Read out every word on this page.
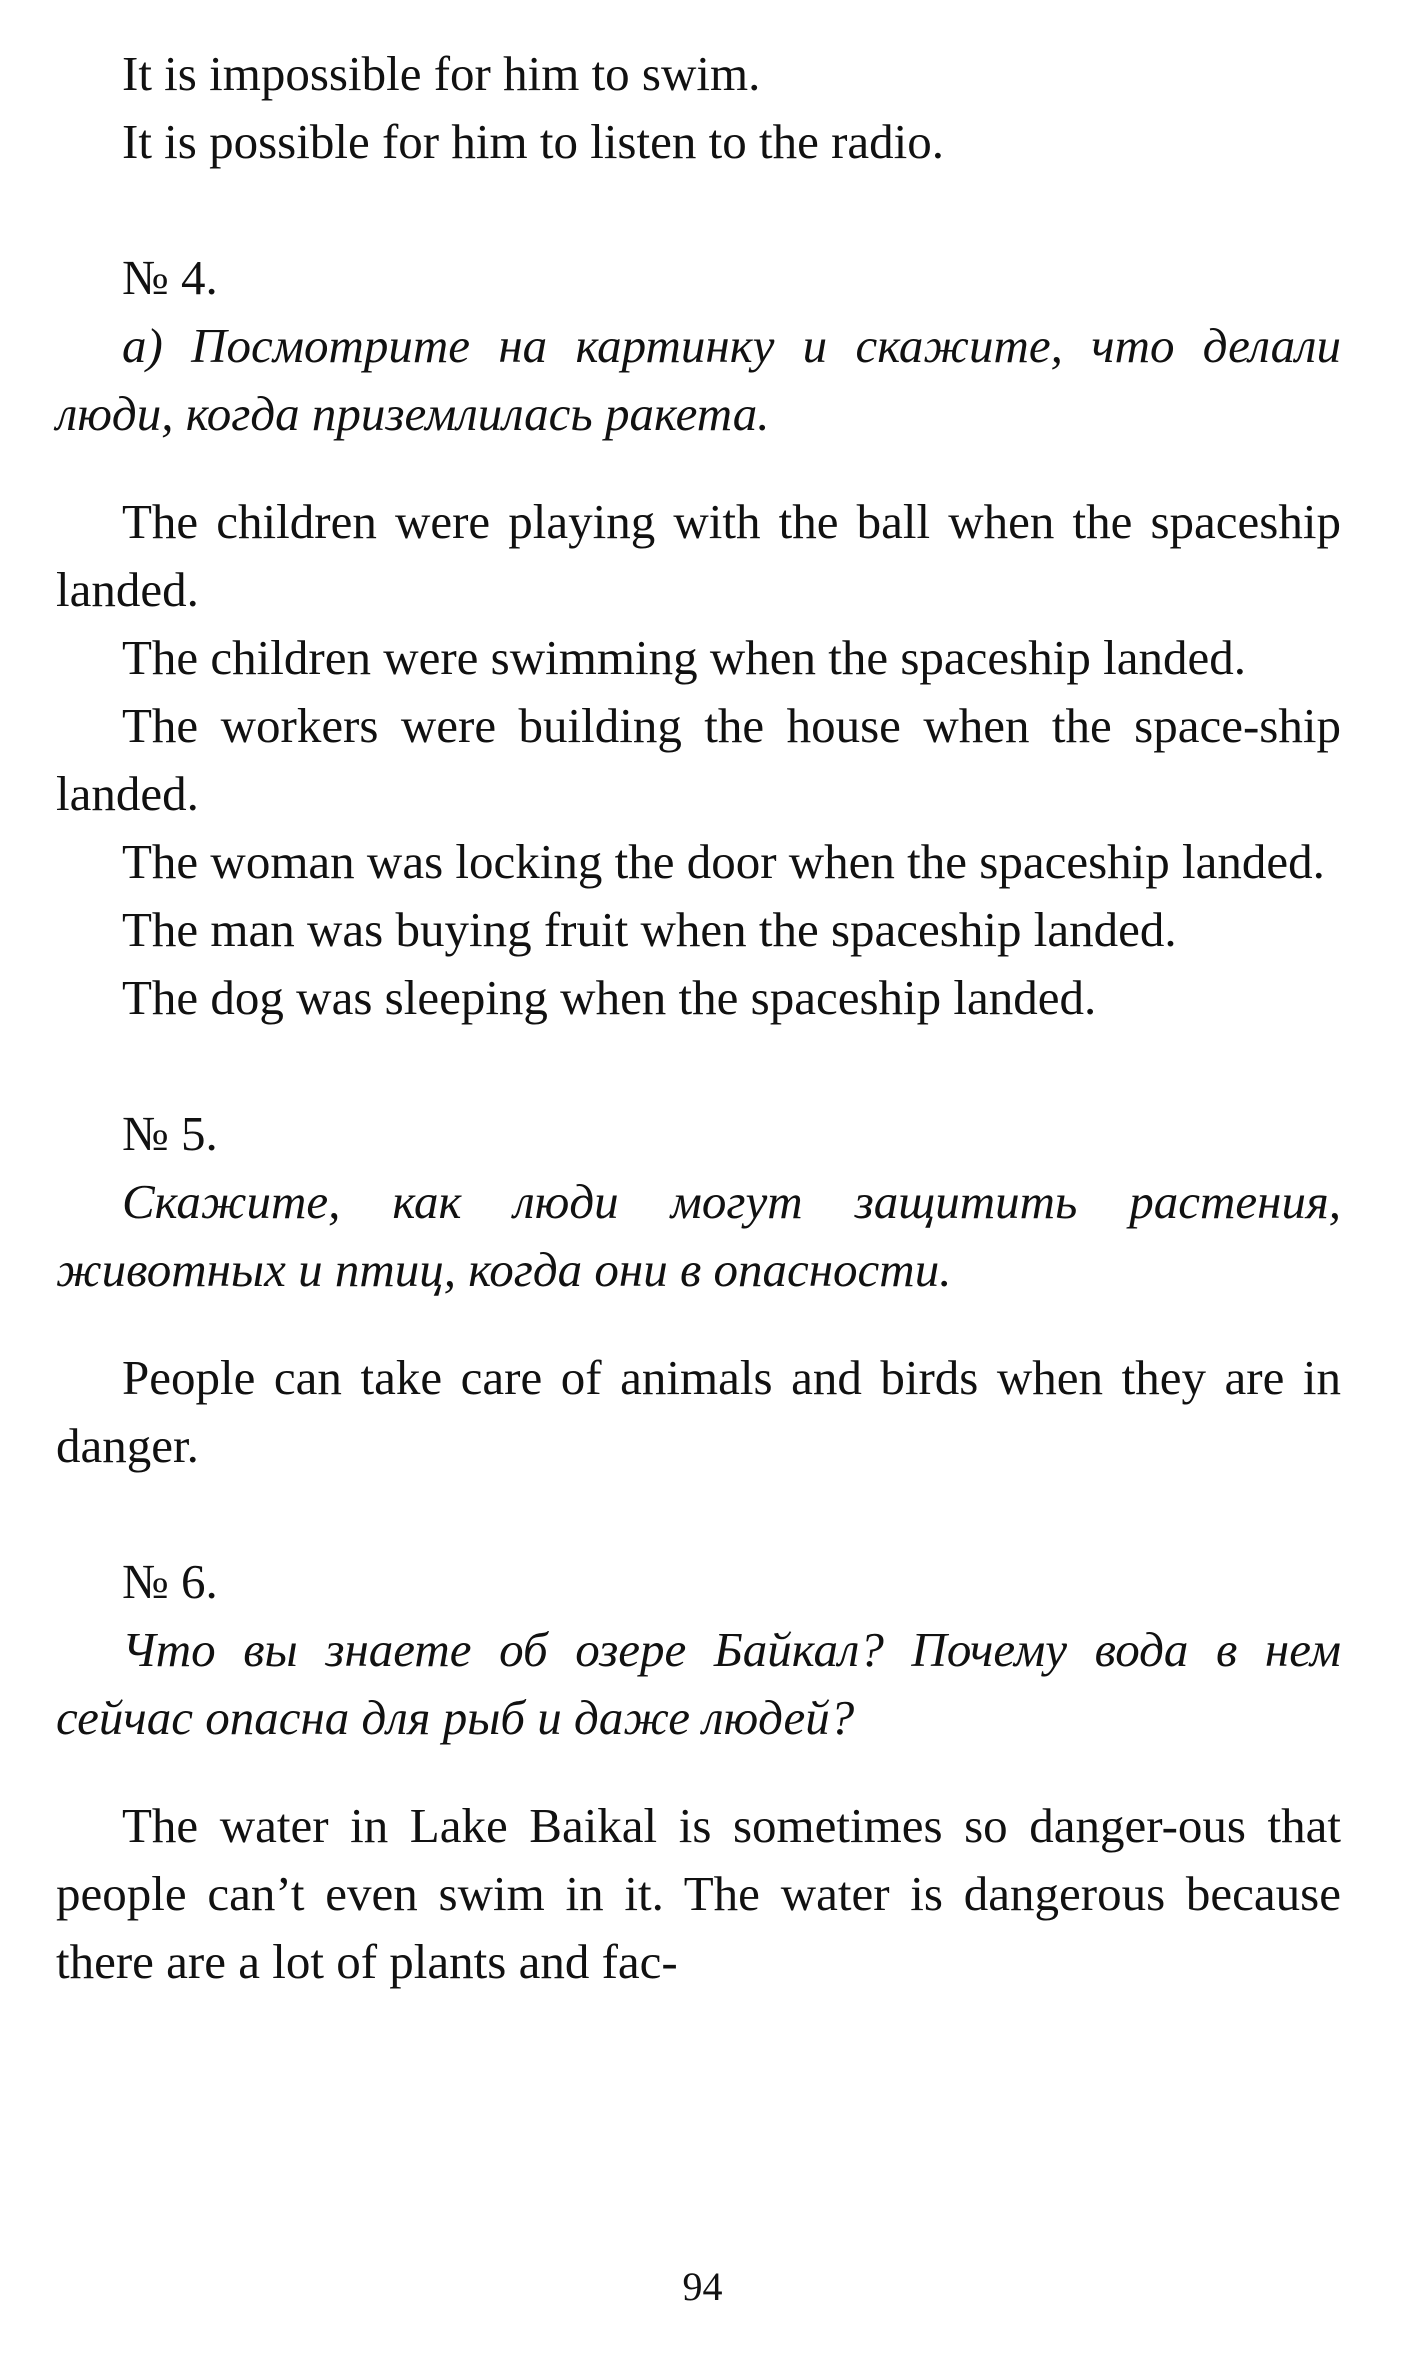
It is impossible for him to swim.

It is possible for him to listen to the radio.

№ 4.

а) Посмотрите на картинку и скажите, что делали люди, когда приземлилась ракета.

The children were playing with the ball when the spaceship landed.

The children were swimming when the spaceship landed.

The workers were building the house when the space-ship landed.

The woman was locking the door when the spaceship landed.

The man was buying fruit when the spaceship landed.

The dog was sleeping when the spaceship landed.

№ 5.

Скажите, как люди могут защитить растения, животных и птиц, когда они в опасности.

People can take care of animals and birds when they are in danger.

№ 6.

Что вы знаете об озере Байкал? Почему вода в нем сейчас опасна для рыб и даже людей?

The water in Lake Baikal is sometimes so danger-ous that people can’t even swim in it. The water is dangerous because there are a lot of plants and fac-

94
